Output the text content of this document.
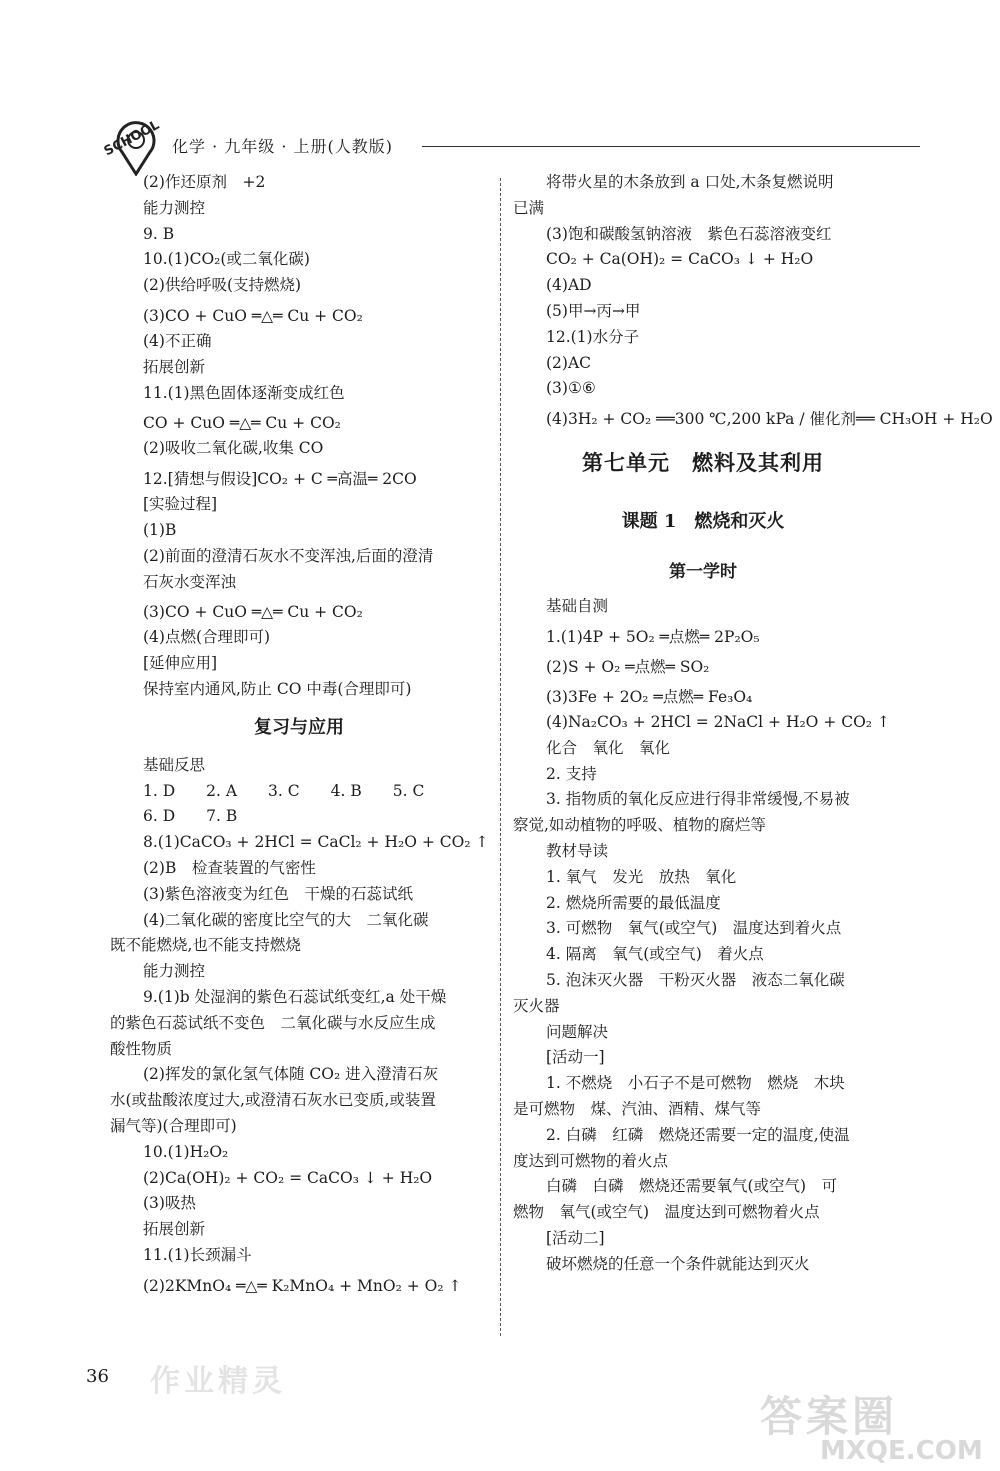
SCHOOL 化学 · 九年级 · 上册(人教版)
(2)作还原剂　+2
能力测控
9. B
10.(1)CO₂(或二氧化碳)
(2)供给呼吸(支持燃烧)
(3)CO + CuO ═△═ Cu + CO₂
(4)不正确
拓展创新
11.(1)黑色固体逐渐变成红色
CO + CuO ═△═ Cu + CO₂
(2)吸收二氧化碳,收集 CO
12.[猜想与假设]CO₂ + C ═高温═ 2CO
[实验过程]
(1)B
(2)前面的澄清石灰水不变浑浊,后面的澄清
石灰水变浑浊
(3)CO + CuO ═△═ Cu + CO₂
(4)点燃(合理即可)
[延伸应用]
保持室内通风,防止 CO 中毒(合理即可)
复习与应用
基础反思
1. D　　2. A　　3. C　　4. B　　5. C
6. D　　7. B
8.(1)CaCO₃ + 2HCl = CaCl₂ + H₂O + CO₂ ↑
(2)B　检查装置的气密性
(3)紫色溶液变为红色　干燥的石蕊试纸
(4)二氧化碳的密度比空气的大　二氧化碳
既不能燃烧,也不能支持燃烧
能力测控
9.(1)b 处湿润的紫色石蕊试纸变红,a 处干燥
的紫色石蕊试纸不变色　二氧化碳与水反应生成
酸性物质
(2)挥发的氯化氢气体随 CO₂ 进入澄清石灰
水(或盐酸浓度过大,或澄清石灰水已变质,或装置
漏气等)(合理即可)
10.(1)H₂O₂
(2)Ca(OH)₂ + CO₂ = CaCO₃ ↓ + H₂O
(3)吸热
拓展创新
11.(1)长颈漏斗
(2)2KMnO₄ ═△═ K₂MnO₄ + MnO₂ + O₂ ↑
将带火星的木条放到 a 口处,木条复燃说明
已满
(3)饱和碳酸氢钠溶液　紫色石蕊溶液变红
CO₂ + Ca(OH)₂ = CaCO₃ ↓ + H₂O
(4)AD
(5)甲→丙→甲
12.(1)水分子
(2)AC
(3)①⑥
(4)3H₂ + CO₂ ══300 ℃,200 kPa / 催化剂══ CH₃OH + H₂O
第七单元　燃料及其利用
课题 1　燃烧和灭火
第一学时
基础自测
1.(1)4P + 5O₂ ═点燃═ 2P₂O₅
(2)S + O₂ ═点燃═ SO₂
(3)3Fe + 2O₂ ═点燃═ Fe₃O₄
(4)Na₂CO₃ + 2HCl = 2NaCl + H₂O + CO₂ ↑
化合　氧化　氧化
2. 支持
3. 指物质的氧化反应进行得非常缓慢,不易被
察觉,如动植物的呼吸、植物的腐烂等
教材导读
1. 氧气　发光　放热　氧化
2. 燃烧所需要的最低温度
3. 可燃物　氧气(或空气)　温度达到着火点
4. 隔离　氧气(或空气)　着火点
5. 泡沫灭火器　干粉灭火器　液态二氧化碳
灭火器
问题解决
[活动一]
1. 不燃烧　小石子不是可燃物　燃烧　木块
是可燃物　煤、汽油、酒精、煤气等
2. 白磷　红磷　燃烧还需要一定的温度,使温
度达到可燃物的着火点
白磷　白磷　燃烧还需要氧气(或空气)　可
燃物　氧气(或空气)　温度达到可燃物着火点
[活动二]
破坏燃烧的任意一个条件就能达到灭火
36 作业精灵
答案圈
MXQE.COM
